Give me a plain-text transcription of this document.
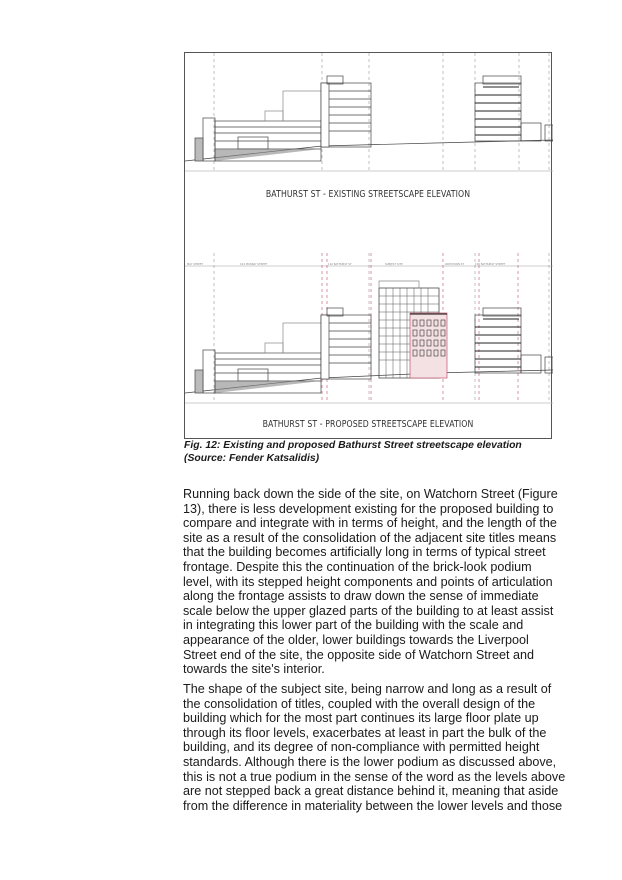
MAY STREET	104 MURRAY STREET	116 BATHURST ST	SUBJECT SITE	WATCHORN ST	136 BATHURST STREET
BATHURST ST - EXISTING STREETSCAPE ELEVATION
BATHURST ST - PROPOSED STREETSCAPE ELEVATION
Fig. 12: Existing and proposed Bathurst Street streetscape elevation
(Source: Fender Katsalidis)

Running back down the side of the site, on Watchorn Street (Figure
13), there is less development existing for the proposed building to
compare and integrate with in terms of height, and the length of the
site as a result of the consolidation of the adjacent site titles means
that the building becomes artificially long in terms of typical street
frontage. Despite this the continuation of the brick-look podium
level, with its stepped height components and points of articulation
along the frontage assists to draw down the sense of immediate
scale below the upper glazed parts of the building to at least assist
in integrating this lower part of the building with the scale and
appearance of the older, lower buildings towards the Liverpool
Street end of the site, the opposite side of Watchorn Street and
towards the site's interior.

The shape of the subject site, being narrow and long as a result of
the consolidation of titles, coupled with the overall design of the
building which for the most part continues its large floor plate up
through its floor levels, exacerbates at least in part the bulk of the
building, and its degree of non-compliance with permitted height
standards. Although there is the lower podium as discussed above,
this is not a true podium in the sense of the word as the levels above
are not stepped back a great distance behind it, meaning that aside
from the difference in materiality between the lower levels and those
